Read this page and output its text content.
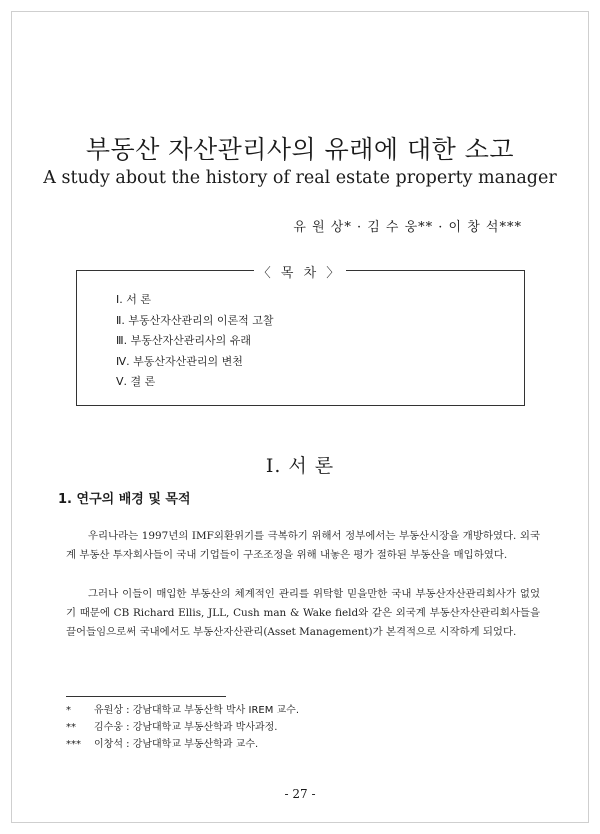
부동산 자산관리사의 유래에 대한 소고
A study about the history of real estate property manager
유 원 상* · 김 수 웅** · 이 창 석***
〈 목 차 〉
Ⅰ. 서 론
Ⅱ. 부동산자산관리의 이론적 고찰
Ⅲ. 부동산자산관리사의 유래
Ⅳ. 부동산자산관리의 변천
Ⅴ. 결 론
Ⅰ. 서 론
1. 연구의 배경 및 목적

우리나라는 1997년의 IMF외환위기를 극복하기 위해서 정부에서는 부동산시장을 개방하였다. 외국계 부동산 투자회사들이 국내 기업들이 구조조정을 위해 내놓은 평가 절하된 부동산을 매입하였다.

그러나 이들이 매입한 부동산의 체계적인 관리를 위탁할 믿을만한 국내 부동산자산관리회사가 없었기 때문에 CB Richard Ellis, JLL, Cush man & Wake field와 같은 외국계 부동산자산관리회사들을 끌어들임으로써 국내에서도 부동산자산관리(Asset Management)가 본격적으로 시작하게 되었다.

* 유원상 : 강남대학교 부동산학 박사 IREM 교수.
** 김수웅 : 강남대학교 부동산학과 박사과정.
*** 이창석 : 강남대학교 부동산학과 교수.
- 27 -
